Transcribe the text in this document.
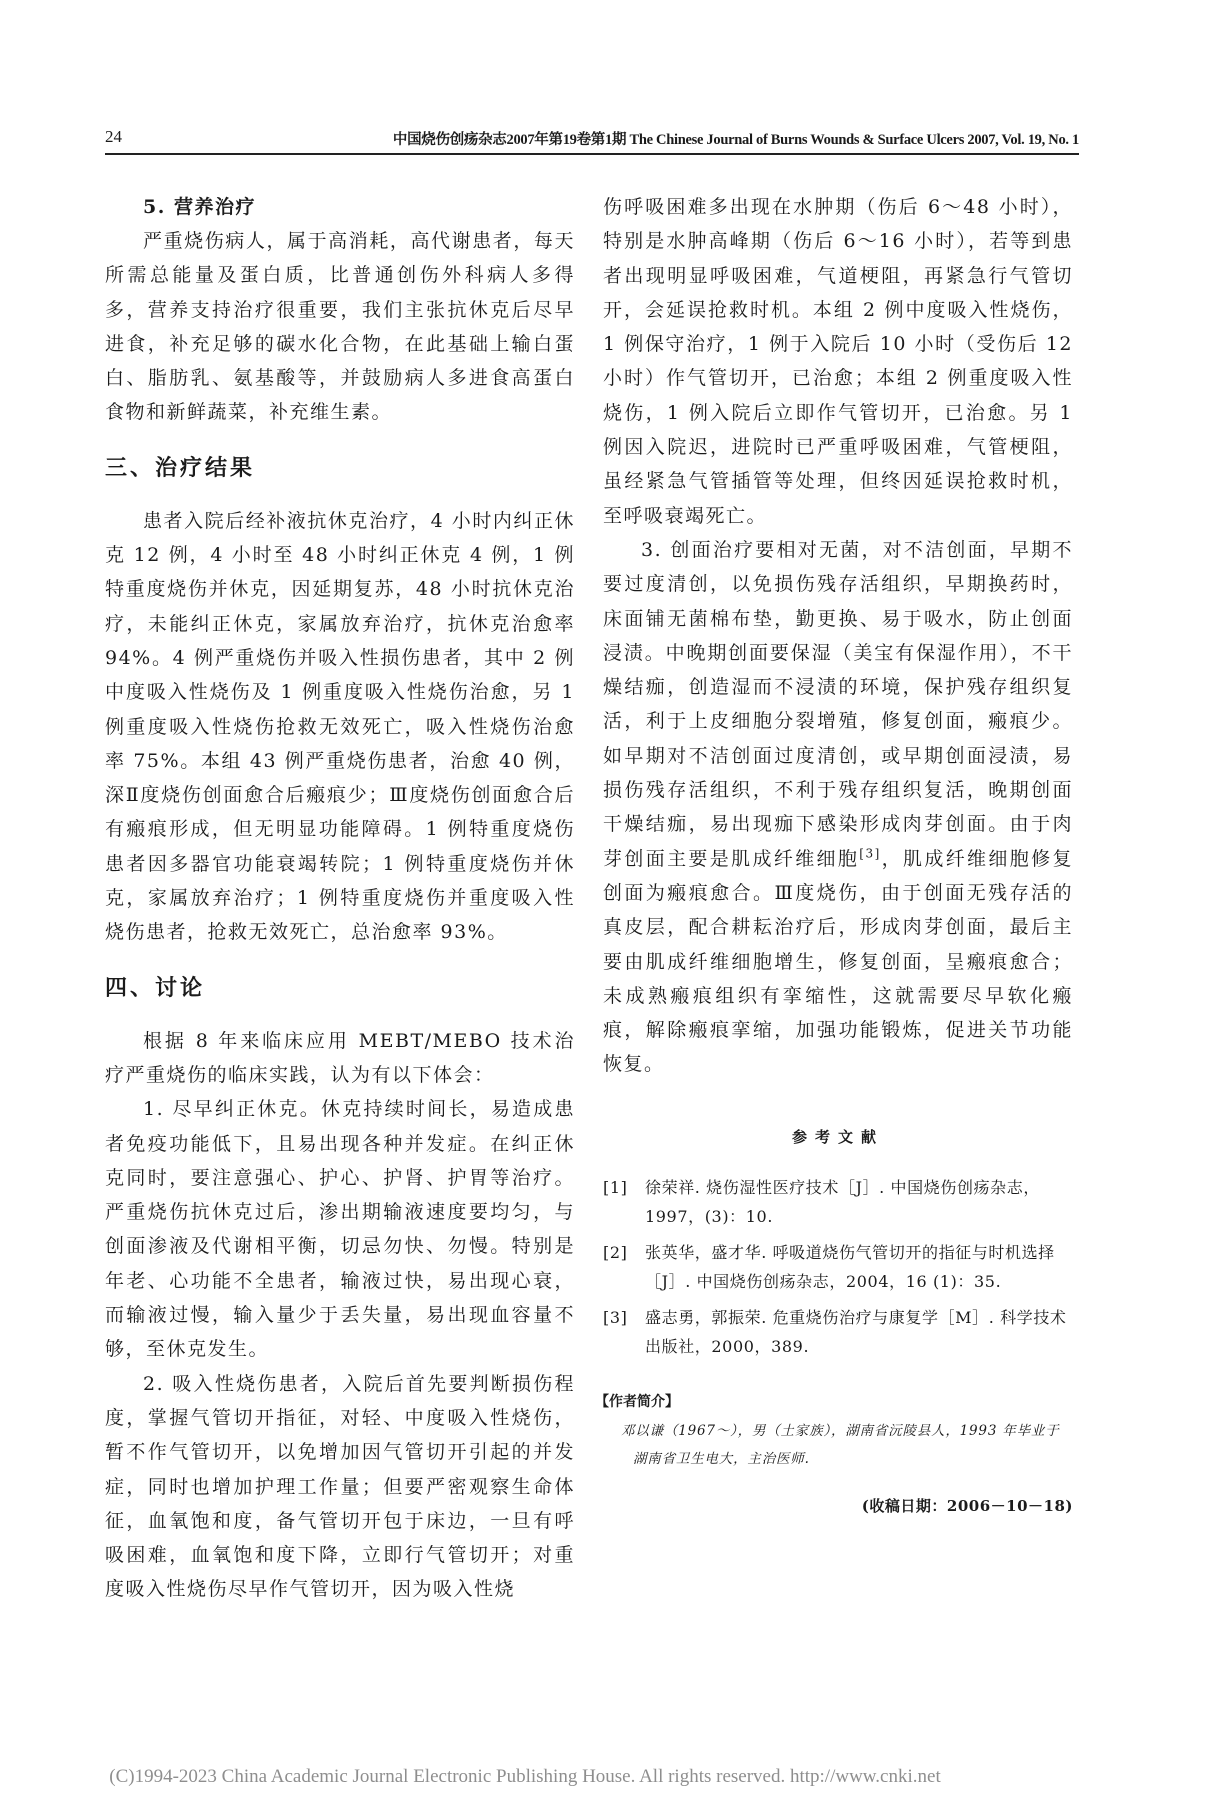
24	中国烧伤创疡杂志2007年第19卷第1期 The Chinese Journal of Burns Wounds & Surface Ulcers 2007, Vol. 19, No. 1

5. 营养治疗

严重烧伤病人，属于高消耗，高代谢患者，每天所需总能量及蛋白质，比普通创伤外科病人多得多，营养支持治疗很重要，我们主张抗休克后尽早进食，补充足够的碳水化合物，在此基础上输白蛋白、脂肪乳、氨基酸等，并鼓励病人多进食高蛋白食物和新鲜蔬菜，补充维生素。

三、治疗结果

患者入院后经补液抗休克治疗，4 小时内纠正休克 12 例，4 小时至 48 小时纠正休克 4 例，1 例特重度烧伤并休克，因延期复苏，48 小时抗休克治疗，未能纠正休克，家属放弃治疗，抗休克治愈率 94%。4 例严重烧伤并吸入性损伤患者，其中 2 例中度吸入性烧伤及 1 例重度吸入性烧伤治愈，另 1 例重度吸入性烧伤抢救无效死亡，吸入性烧伤治愈率 75%。本组 43 例严重烧伤患者，治愈 40 例，深Ⅱ度烧伤创面愈合后瘢痕少；Ⅲ度烧伤创面愈合后有瘢痕形成，但无明显功能障碍。1 例特重度烧伤患者因多器官功能衰竭转院；1 例特重度烧伤并休克，家属放弃治疗；1 例特重度烧伤并重度吸入性烧伤患者，抢救无效死亡，总治愈率 93%。

四、讨论

根据 8 年来临床应用 MEBT/MEBO 技术治疗严重烧伤的临床实践，认为有以下体会：

1. 尽早纠正休克。休克持续时间长，易造成患者免疫功能低下，且易出现各种并发症。在纠正休克同时，要注意强心、护心、护肾、护胃等治疗。严重烧伤抗休克过后，渗出期输液速度要均匀，与创面渗液及代谢相平衡，切忌勿快、勿慢。特别是年老、心功能不全患者，输液过快，易出现心衰，而输液过慢，输入量少于丢失量，易出现血容量不够，至休克发生。

2. 吸入性烧伤患者，入院后首先要判断损伤程度，掌握气管切开指征，对轻、中度吸入性烧伤，暂不作气管切开，以免增加因气管切开引起的并发症，同时也增加护理工作量；但要严密观察生命体征，血氧饱和度，备气管切开包于床边，一旦有呼吸困难，血氧饱和度下降，立即行气管切开；对重度吸入性烧伤尽早作气管切开，因为吸入性烧

伤呼吸困难多出现在水肿期（伤后 6～48 小时），特别是水肿高峰期（伤后 6～16 小时），若等到患者出现明显呼吸困难，气道梗阻，再紧急行气管切开，会延误抢救时机。本组 2 例中度吸入性烧伤，1 例保守治疗，1 例于入院后 10 小时（受伤后 12 小时）作气管切开，已治愈；本组 2 例重度吸入性烧伤，1 例入院后立即作气管切开，已治愈。另 1 例因入院迟，进院时已严重呼吸困难，气管梗阻，虽经紧急气管插管等处理，但终因延误抢救时机，至呼吸衰竭死亡。

3. 创面治疗要相对无菌，对不洁创面，早期不要过度清创，以免损伤残存活组织，早期换药时，床面铺无菌棉布垫，勤更换、易于吸水，防止创面浸渍。中晚期创面要保湿（美宝有保湿作用），不干燥结痂，创造湿而不浸渍的环境，保护残存组织复活，利于上皮细胞分裂增殖，修复创面，瘢痕少。如早期对不洁创面过度清创，或早期创面浸渍，易损伤残存活组织，不利于残存组织复活，晚期创面干燥结痂，易出现痂下感染形成肉芽创面。由于肉芽创面主要是肌成纤维细胞[3]，肌成纤维细胞修复创面为瘢痕愈合。Ⅲ度烧伤，由于创面无残存活的真皮层，配合耕耘治疗后，形成肉芽创面，最后主要由肌成纤维细胞增生，修复创面，呈瘢痕愈合；未成熟瘢痕组织有挛缩性，这就需要尽早软化瘢痕，解除瘢痕挛缩，加强功能锻炼，促进关节功能恢复。

参考文献
[1] 徐荣祥. 烧伤湿性医疗技术［J］. 中国烧伤创疡杂志，1997，(3)：10.
[2] 张英华，盛才华. 呼吸道烧伤气管切开的指征与时机选择［J］. 中国烧伤创疡杂志，2004，16 (1)：35.
[3] 盛志勇，郭振荣. 危重烧伤治疗与康复学［M］. 科学技术出版社，2000，389.
【作者简介】
邓以谦（1967～），男（土家族），湖南省沅陵县人，1993 年毕业于湖南省卫生电大，主治医师.
(收稿日期：2006－10－18)
(C)1994-2023 China Academic Journal Electronic Publishing House. All rights reserved. http://www.cnki.net
